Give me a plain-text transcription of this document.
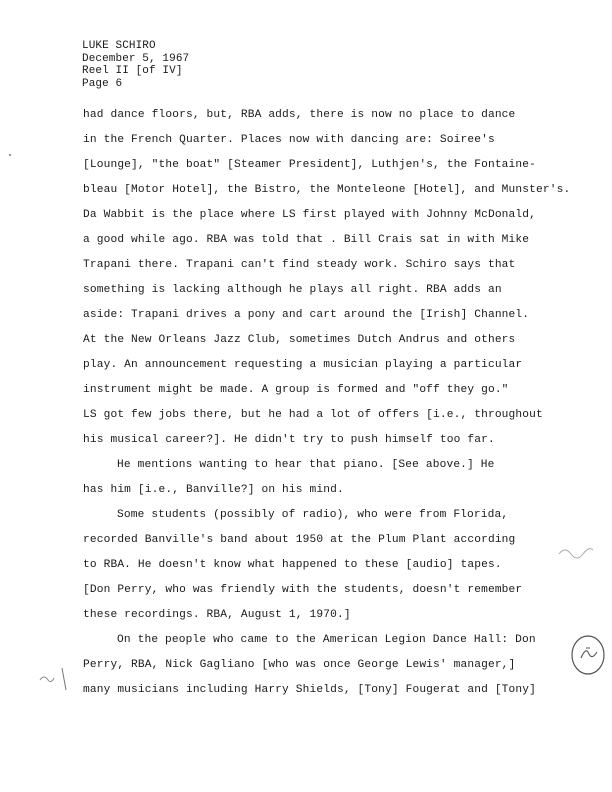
LUKE SCHIRO
December 5, 1967
Reel II [of IV]
Page 6
had dance floors, but, RBA adds, there is now no place to dance
in the French Quarter. Places now with dancing are: Soiree's
[Lounge], "the boat" [Steamer President], Luthjen's, the Fontaine-
bleau [Motor Hotel], the Bistro, the Monteleone [Hotel], and Munster's.
Da Wabbit is the place where LS first played with Johnny McDonald,
a good while ago. RBA was told that . Bill Crais sat in with Mike
Trapani there. Trapani can't find steady work. Schiro says that
something is lacking although he plays all right. RBA adds an
aside: Trapani drives a pony and cart around the [Irish] Channel.
At the New Orleans Jazz Club, sometimes Dutch Andrus and others
play. An announcement requesting a musician playing a particular
instrument might be made. A group is formed and "off they go."
LS got few jobs there, but he had a lot of offers [i.e., throughout
his musical career?]. He didn't try to push himself too far.
He mentions wanting to hear that piano. [See above.] He
has him [i.e., Banville?] on his mind.
Some students (possibly of radio), who were from Florida,
recorded Banville's band about 1950 at the Plum Plant according
to RBA. He doesn't know what happened to these [audio] tapes.
[Don Perry, who was friendly with the students, doesn't remember
these recordings. RBA, August 1, 1970.]
On the people who came to the American Legion Dance Hall: Don
Perry, RBA, Nick Gagliano [who was once George Lewis' manager,]
many musicians including Harry Shields, [Tony] Fougerat and [Tony]
